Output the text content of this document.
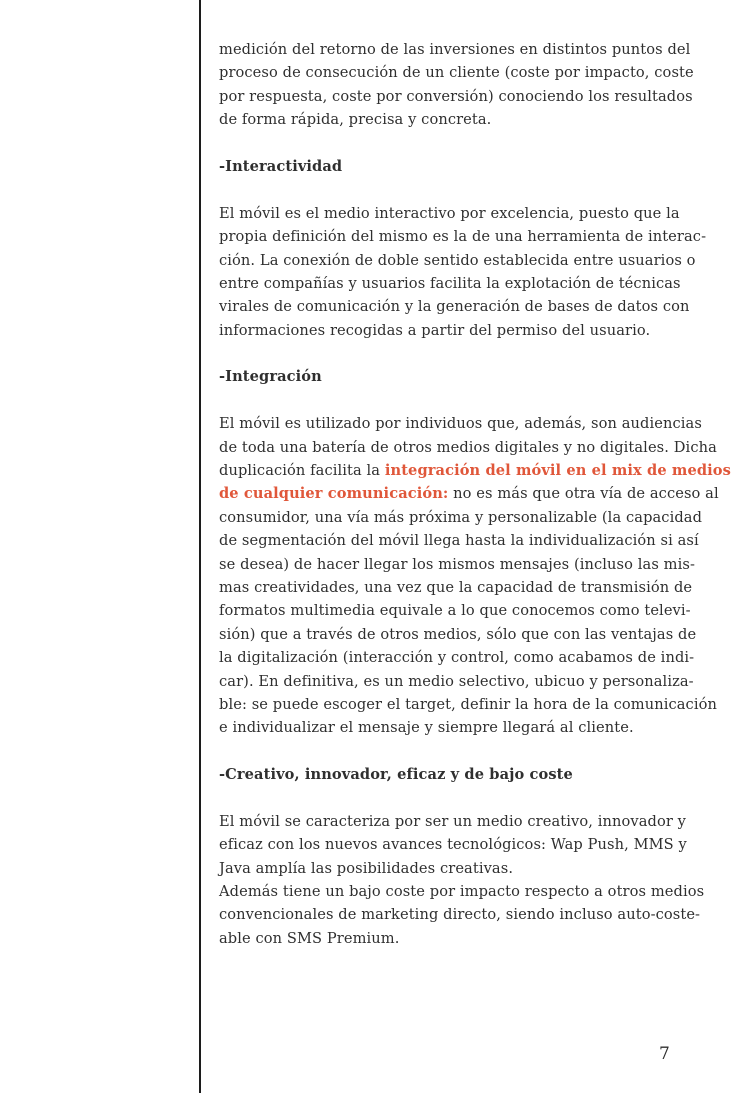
medición del retorno de las inversiones en distintos puntos del
proceso de consecución de un cliente (coste por impacto, coste
por respuesta, coste por conversión) conociendo los resultados
de forma rápida, precisa y concreta.
-Interactividad
El móvil es el medio interactivo por excelencia, puesto que la
propia definición del mismo es la de una herramienta de interac-
ción. La conexión de doble sentido establecida entre usuarios o
entre compañías y usuarios facilita la explotación de técnicas
virales de comunicación y la generación de bases de datos con
informaciones recogidas a partir del permiso del usuario.
-Integración
El móvil es utilizado por individuos que, además, son audiencias
de toda una batería de otros medios digitales y no digitales. Dicha
duplicación facilita la integración del móvil en el mix de medios
de cualquier comunicación: no es más que otra vía de acceso al
consumidor, una vía más próxima y personalizable (la capacidad
de segmentación del móvil llega hasta la individualización si así
se desea) de hacer llegar los mismos mensajes (incluso las mis-
mas creatividades, una vez que la capacidad de transmisión de
formatos multimedia equivale a lo que conocemos como televi-
sión) que a través de otros medios, sólo que con las ventajas de
la digitalización (interacción y control, como acabamos de indi-
car). En definitiva, es un medio selectivo, ubicuo y personaliza-
ble: se puede escoger el target, definir la hora de la comunicación
e individualizar el mensaje y siempre llegará al cliente.
-Creativo, innovador, eficaz y de bajo coste
El móvil se caracteriza por ser un medio creativo, innovador y
eficaz con los nuevos avances tecnológicos: Wap Push, MMS y
Java amplía las posibilidades creativas.
Además tiene un bajo coste por impacto respecto a otros medios
convencionales de marketing directo, siendo incluso auto-coste-
able con SMS Premium.
7
